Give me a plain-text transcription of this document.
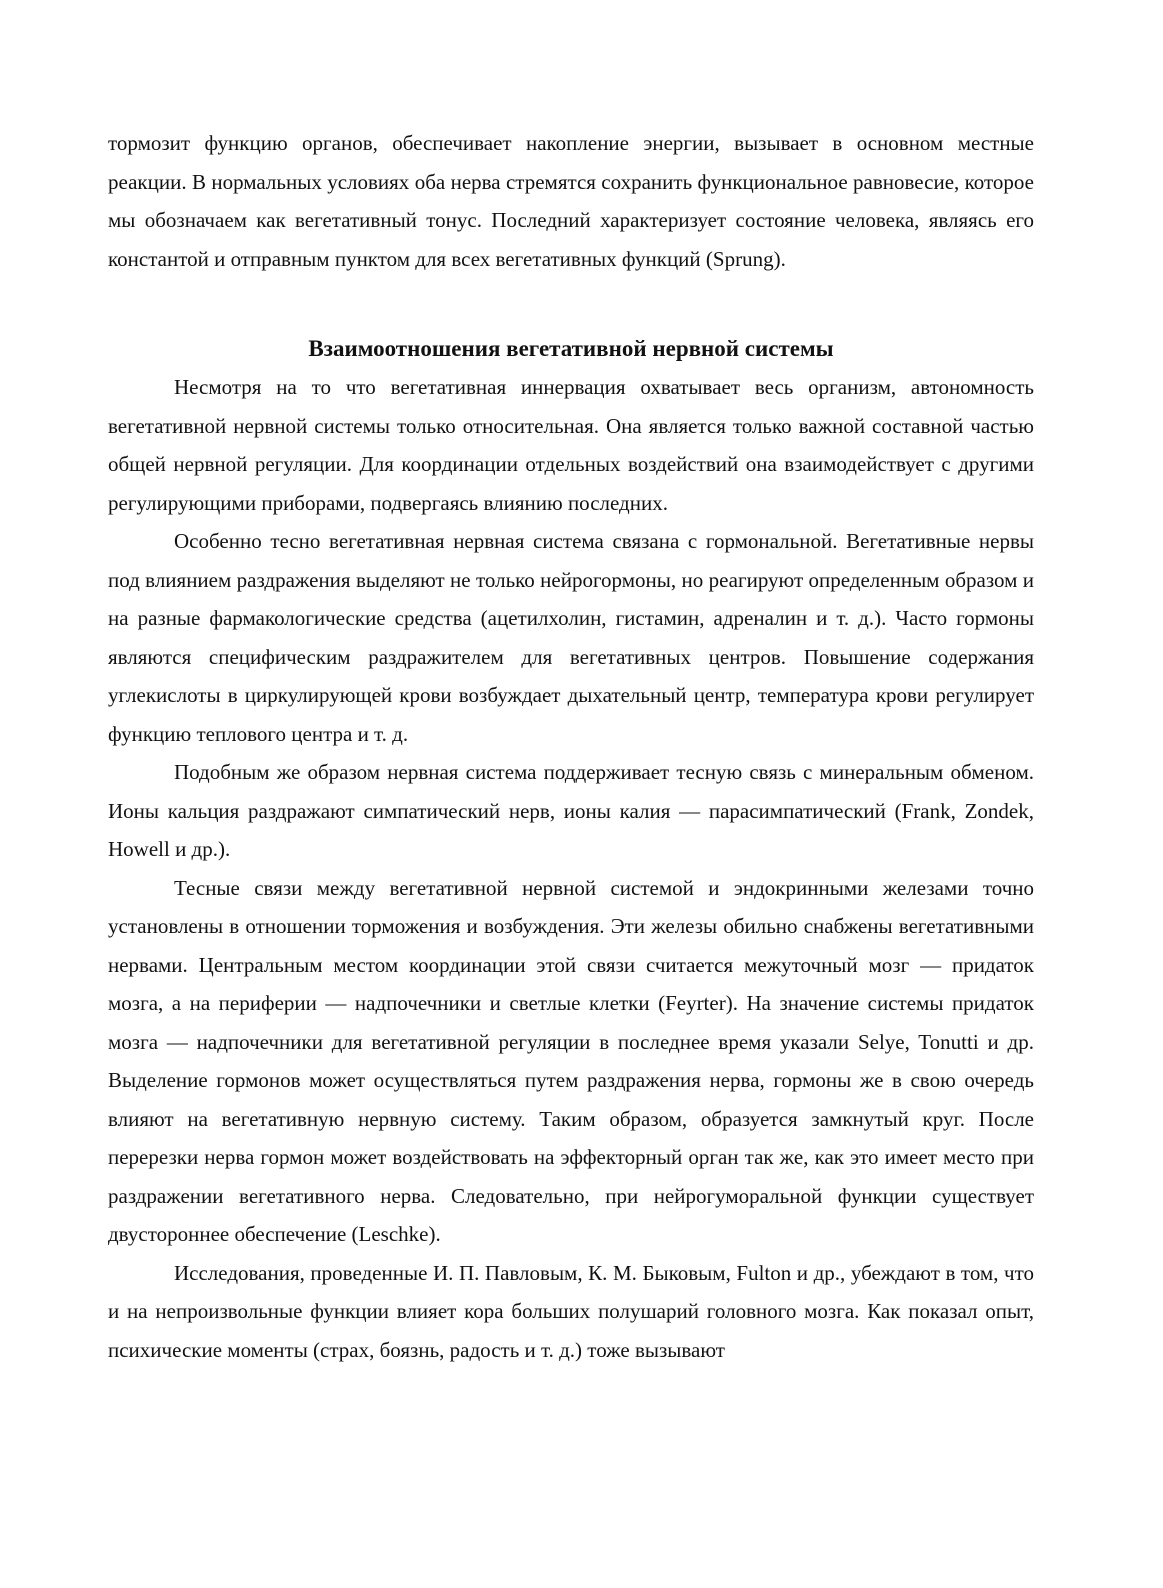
тормозит функцию органов, обеспечивает накопление энергии, вызывает в основном местные реакции. В нормальных условиях оба нерва стремятся сохранить функциональное равновесие, которое мы обозначаем как вегетативный тонус. Последний характеризует состояние человека, являясь его константой и отправным пунктом для всех вегетативных функций (Sprung).

Взаимоотношения вегетативной нервной системы

Несмотря на то что вегетативная иннервация охватывает весь организм, автономность вегетативной нервной системы только относительная. Она является только важной составной частью общей нервной регуляции. Для координации отдельных воздействий она взаимодействует с другими регулирующими приборами, подвергаясь влиянию последних.

Особенно тесно вегетативная нервная система связана с гормональной. Вегетативные нервы под влиянием раздражения выделяют не только нейрогормоны, но реагируют определенным образом и на разные фармакологические средства (ацетилхолин, гистамин, адреналин и т. д.). Часто гормоны являются специфическим раздражителем для вегетативных центров. Повышение содержания углекислоты в циркулирующей крови возбуждает дыхательный центр, температура крови регулирует функцию теплового центра и т. д.

Подобным же образом нервная система поддерживает тесную связь с минеральным обменом. Ионы кальция раздражают симпатический нерв, ионы калия — парасимпатический (Frank, Zondek, Howell и др.).

Тесные связи между вегетативной нервной системой и эндокринными железами точно установлены в отношении торможения и возбуждения. Эти железы обильно снабжены вегетативными нервами. Центральным местом координации этой связи считается межуточный мозг — придаток мозга, а на периферии — надпочечники и светлые клетки (Feyrter). На значение системы придаток мозга — надпочечники для вегетативной регуляции в последнее время указали Selye, Tonutti и др. Выделение гормонов может осуществляться путем раздражения нерва, гормоны же в свою очередь влияют на вегетативную нервную систему. Таким образом, образуется замкнутый круг. После перерезки нерва гормон может воздействовать на эффекторный орган так же, как это имеет место при раздражении вегетативного нерва. Следовательно, при нейрогуморальной функции существует двустороннее обеспечение (Leschke).

Исследования, проведенные И. П. Павловым, К. М. Быковым, Fulton и др., убеждают в том, что и на непроизвольные функции влияет кора больших полушарий головного мозга. Как показал опыт, психические моменты (страх, боязнь, радость и т. д.) тоже вызывают
